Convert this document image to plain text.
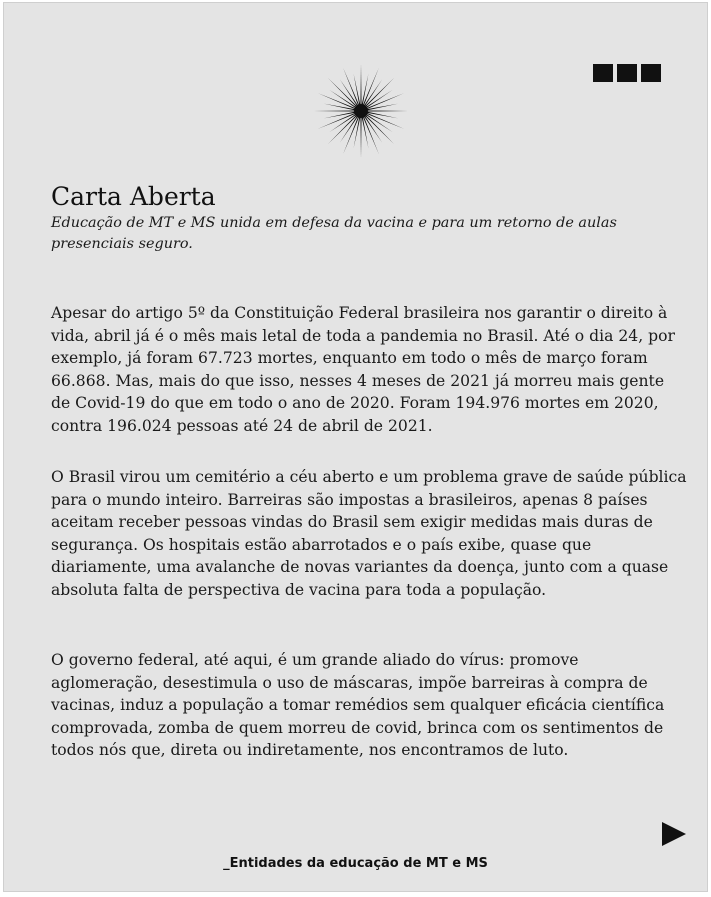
Carta Aberta

Educação de MT e MS unida em defesa da vacina e para um retorno de aulas presenciais seguro.

Apesar do artigo 5º da Constituição Federal brasileira nos garantir o direito à vida, abril já é o mês mais letal de toda a pandemia no Brasil. Até o dia 24, por exemplo, já foram 67.723 mortes, enquanto em todo o mês de março foram 66.868. Mas, mais do que isso, nesses 4 meses de 2021 já morreu mais gente de Covid-19 do que em todo o ano de 2020. Foram 194.976 mortes em 2020, contra 196.024 pessoas até 24 de abril de 2021.

O Brasil virou um cemitério a céu aberto e um problema grave de saúde pública para o mundo inteiro. Barreiras são impostas a brasileiros, apenas 8 países aceitam receber pessoas vindas do Brasil sem exigir medidas mais duras de segurança. Os hospitais estão abarrotados e o país exibe, quase que diariamente, uma avalanche de novas variantes da doença, junto com a quase absoluta falta de perspectiva de vacina para toda a população.

O governo federal, até aqui, é um grande aliado do vírus: promove aglomeração, desestimula o uso de máscaras, impõe barreiras à compra de vacinas, induz a população a tomar remédios sem qualquer eficácia científica comprovada, zomba de quem morreu de covid, brinca com os sentimentos de todos nós que, direta ou indiretamente, nos encontramos de luto.

_Entidades da educação de MT e MS
